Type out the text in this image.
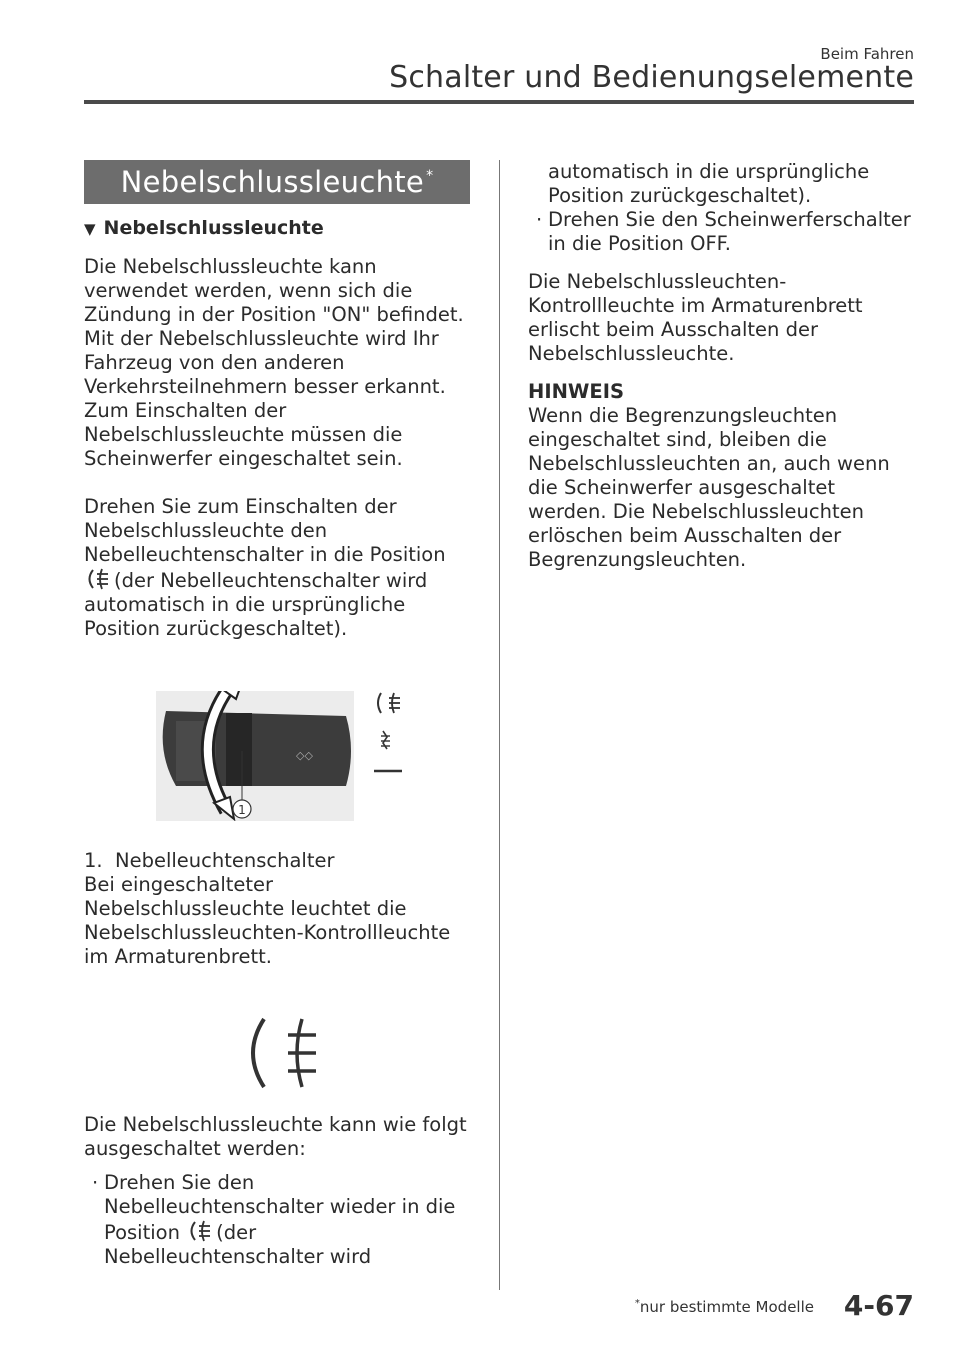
Beim Fahren
Schalter und Bedienungselemente
Nebelschlussleuchte*
▼ Nebelschlussleuchte

Die Nebelschlussleuchte kann verwendet werden, wenn sich die Zündung in der Position "ON" befindet.

Mit der Nebelschlussleuchte wird Ihr Fahrzeug von den anderen Verkehrsteilnehmern besser erkannt.

Zum Einschalten der Nebelschlussleuchte müssen die Scheinwerfer eingeschaltet sein.

Drehen Sie zum Einschalten der Nebelschlussleuchte den Nebelleuchtenschalter in die Position
(der Nebelleuchtenschalter wird automatisch in die ursprüngliche Position zurückgeschaltet).

◇◇
1

1. Nebelleuchtenschalter

Bei eingeschalteter Nebelschlussleuchte leuchtet die Nebelschlussleuchten-Kontrollleuchte im Armaturenbrett.

Die Nebelschlussleuchte kann wie folgt ausgeschaltet werden:

· Drehen Sie den Nebelleuchtenschalter wieder in die
Position (der
Nebelleuchtenschalter wird

automatisch in die ursprüngliche Position zurückgeschaltet).

· Drehen Sie den Scheinwerferschalter in die Position OFF.

Die Nebelschlussleuchten-Kontrollleuchte im Armaturenbrett erlischt beim Ausschalten der Nebelschlussleuchte.

HINWEIS

Wenn die Begrenzungsleuchten eingeschaltet sind, bleiben die Nebelschlussleuchten an, auch wenn die Scheinwerfer ausgeschaltet werden. Die Nebelschlussleuchten erlöschen beim Ausschalten der Begrenzungsleuchten.

*nur bestimmte Modelle 4-67
